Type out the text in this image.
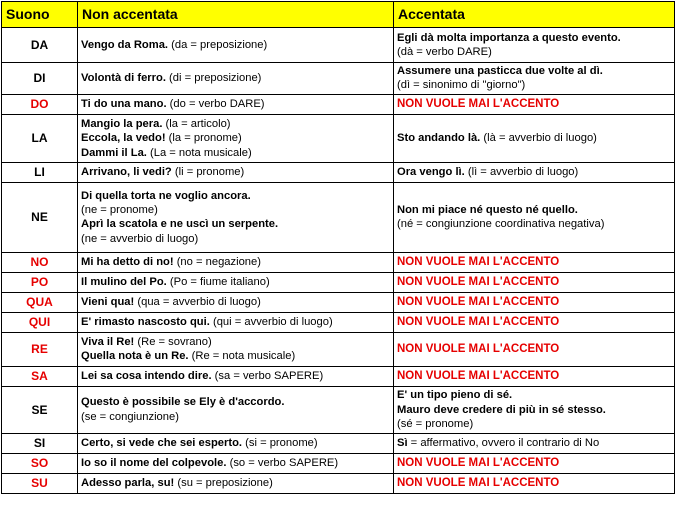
Suono	Non accentata	Accentata
DA	Vengo da Roma. (da = preposizione)	Egli dà molta importanza a questo evento.
(dà = verbo DARE)

DI	Volontà di ferro. (di = preposizione)	Assumere una pasticca due volte al dì.
(dì = sinonimo di "giorno")

DO	Ti do una mano. (do = verbo DARE)	NON VUOLE MAI L'ACCENTO
LA	Mangio la pera. (la = articolo)
Eccola, la vedo! (la = pronome)
Dammi il La. (La = nota musicale)	Sto andando là. (là = avverbio di luogo)

LI	Arrivano, li vedi? (li = pronome)	Ora vengo lì. (lì = avverbio di luogo)

NE	Di quella torta ne voglio ancora.
(ne = pronome)
Aprì la scatola e ne uscì un serpente.
(ne = avverbio di luogo)	Non mi piace né questo né quello.
(né = congiunzione coordinativa negativa)

NO	Mi ha detto di no! (no = negazione)	NON VUOLE MAI L'ACCENTO
PO	Il mulino del Po. (Po = fiume italiano)	NON VUOLE MAI L'ACCENTO
QUA	Vieni qua! (qua = avverbio di luogo)	NON VUOLE MAI L'ACCENTO
QUI	E' rimasto nascosto qui. (qui = avverbio di luogo)	NON VUOLE MAI L'ACCENTO
RE	Viva il Re! (Re = sovrano)
Quella nota è un Re. (Re = nota musicale)	NON VUOLE MAI L'ACCENTO
SA	Lei sa cosa intendo dire. (sa = verbo SAPERE)	NON VUOLE MAI L'ACCENTO
SE	Questo è possibile se Ely è d'accordo.
(se = congiunzione)	E' un tipo pieno di sé.
Mauro deve credere di più in sé stesso.
(sé = pronome)

SI	Certo, si vede che sei esperto. (si = pronome)	Sì = affermativo, ovvero il contrario di No

SO	Io so il nome del colpevole. (so = verbo SAPERE)	NON VUOLE MAI L'ACCENTO
SU	Adesso parla, su! (su = preposizione)	NON VUOLE MAI L'ACCENTO
